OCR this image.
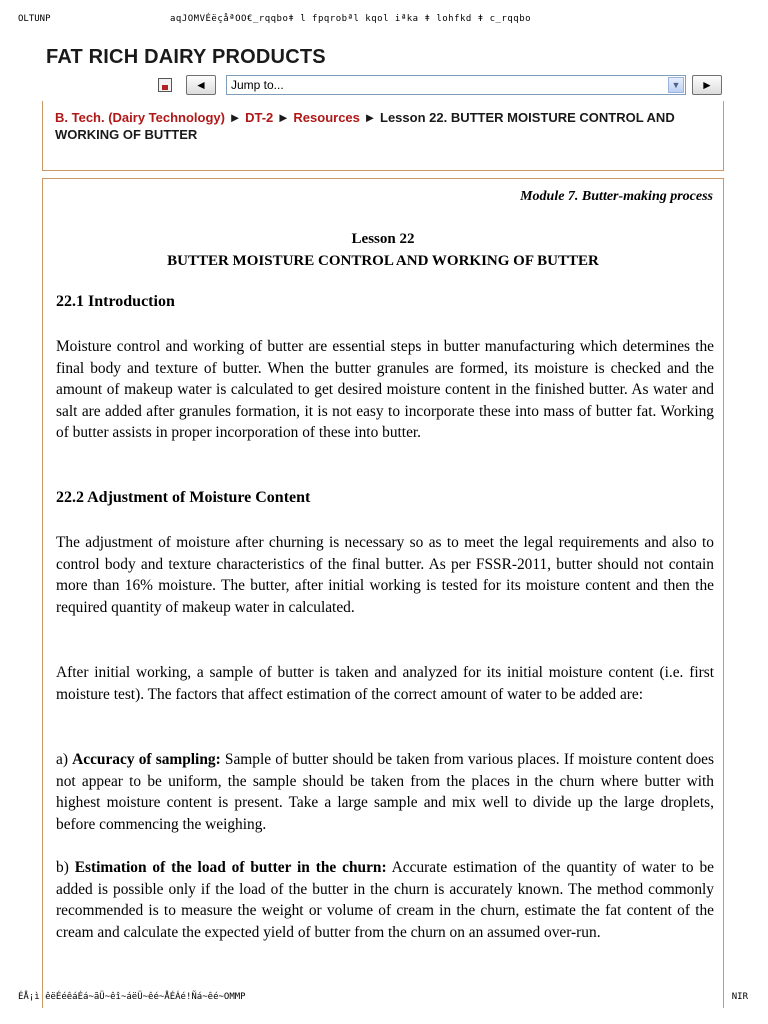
OLTUNP	aqJOMVÉëçåªOO€_rqqboǂ l fpqrobªl kqol iªka ǂ lohfkd ǂ c_rqqbo
FAT RICH DAIRY PRODUCTS
◄	Jump to...	▼	►
B. Tech. (Dairy Technology) ► DT-2 ► Resources ► Lesson 22. BUTTER MOISTURE CONTROL AND WORKING OF BUTTER
Module 7. Butter-making process
Lesson 22
BUTTER MOISTURE CONTROL AND WORKING OF BUTTER
22.1 Introduction
Moisture control and working of butter are essential steps in butter manufacturing which determines the final body and texture of butter. When the butter granules are formed, its moisture is checked and the amount of makeup water is calculated to get desired moisture content in the finished butter. As water and salt are added after granules formation, it is not easy to incorporate these into mass of butter fat. Working of butter assists in proper incorporation of these into butter.
22.2 Adjustment of Moisture Content
The adjustment of moisture after churning is necessary so as to meet the legal requirements and also to control body and texture characteristics of the final butter. As per FSSR-2011, butter should not contain more than 16% moisture. The butter, after initial working is tested for its moisture content and then the required quantity of makeup water in calculated.
After initial working, a sample of butter is taken and analyzed for its initial moisture content (i.e. first moisture test). The factors that affect estimation of the correct amount of water to be added are:
a) Accuracy of sampling: Sample of butter should be taken from various places. If moisture content does not appear to be uniform, the sample should be taken from the places in the churn where butter with highest moisture content is present. Take a large sample and mix well to divide up the large droplets, before commencing the weighing.
b) Estimation of the load of butter in the churn: Accurate estimation of the quantity of water to be added is possible only if the load of the butter in the churn is accurately known. The method commonly recommended is to measure the weight or volume of cream in the churn, estimate the fat content of the cream and calculate the expected yield of butter from the churn on an assumed over-run.
ÉÅ¡ì êëÉéêáÉá~ãÜ~êî~áëÜ~êé~ÅÉÁé!Ñá~êé~OMMP	NIR
